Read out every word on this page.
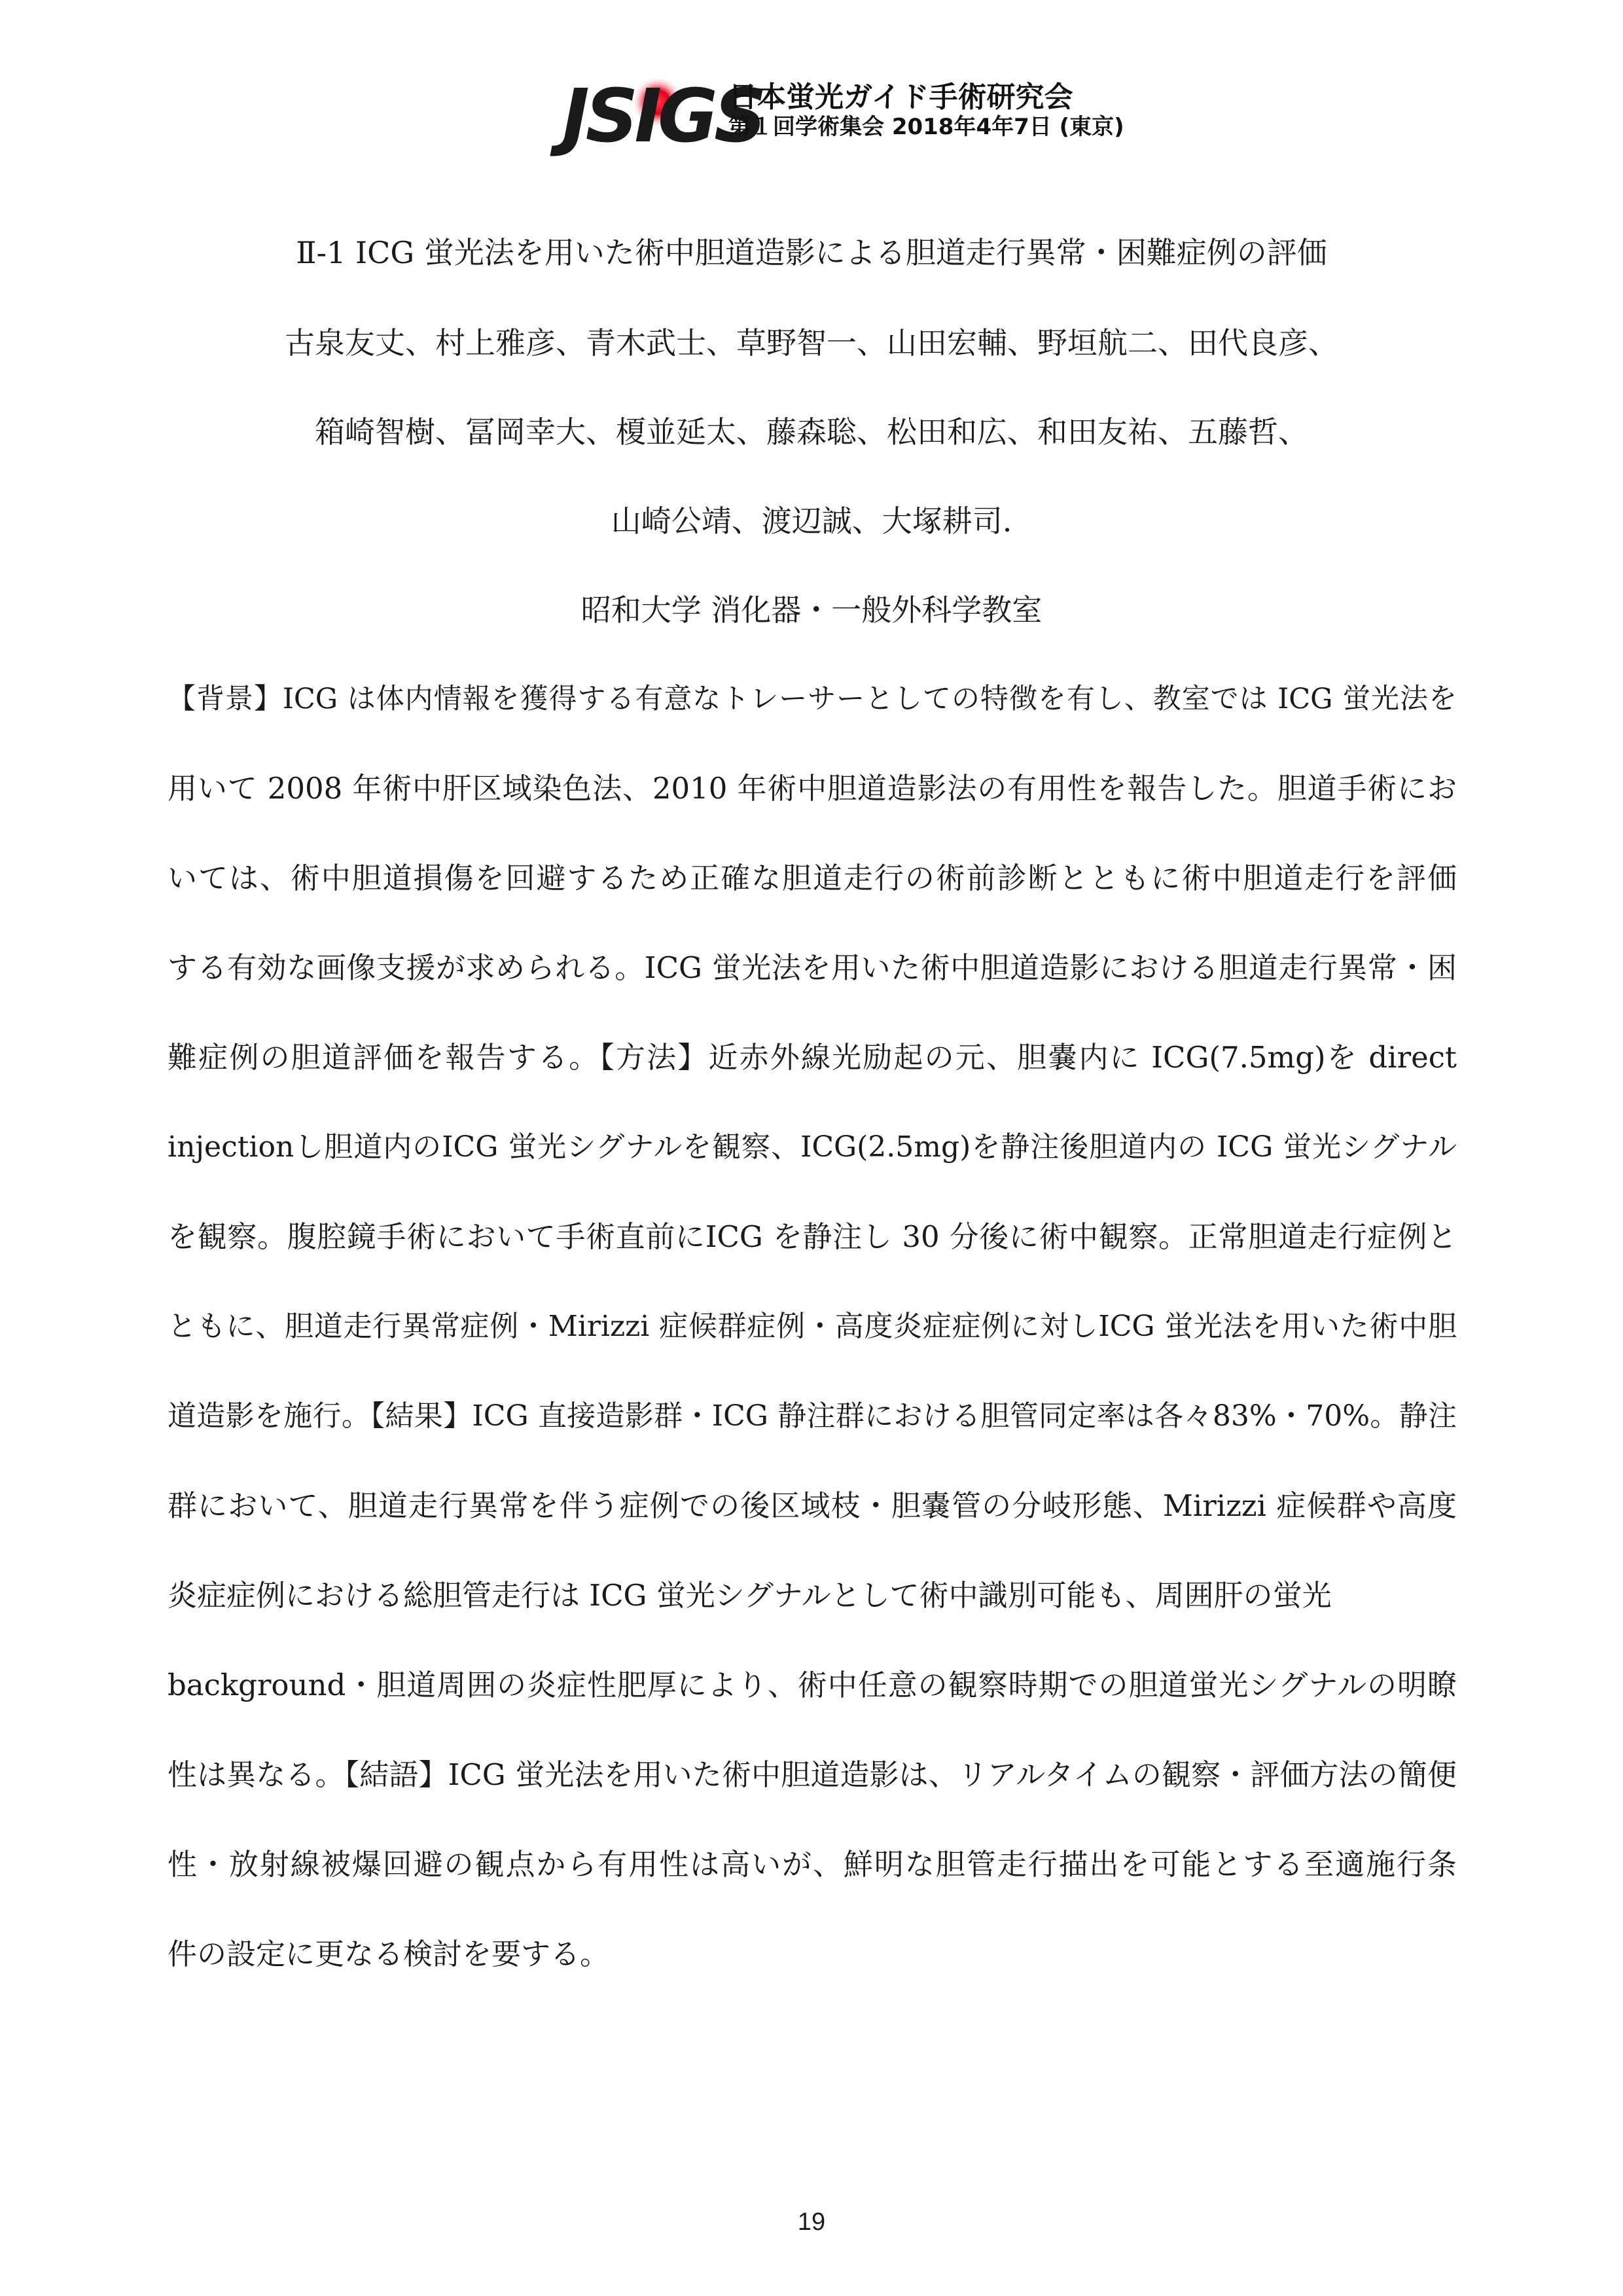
JSIGS
日本蛍光ガイド手術研究会
第１回学術集会 2018年4年7日 (東京)
Ⅱ-1 ICG 蛍光法を用いた術中胆道造影による胆道走行異常・困難症例の評価
古泉友丈、村上雅彦、青木武士、草野智一、山田宏輔、野垣航二、田代良彦、
箱崎智樹、冨岡幸大、榎並延太、藤森聡、松田和広、和田友祐、五藤哲、
山崎公靖、渡辺誠、大塚耕司.
昭和大学 消化器・一般外科学教室
【背景】ICG は体内情報を獲得する有意なトレーサーとしての特徴を有し、教室では ICG 蛍光法を
用いて 2008 年術中肝区域染色法、2010 年術中胆道造影法の有用性を報告した。胆道手術にお
いては、術中胆道損傷を回避するため正確な胆道走行の術前診断とともに術中胆道走行を評価
する有効な画像支援が求められる。ICG 蛍光法を用いた術中胆道造影における胆道走行異常・困
難症例の胆道評価を報告する。【方法】近赤外線光励起の元、胆嚢内に ICG(7.5mg)を direct
injectionし胆道内のICG 蛍光シグナルを観察、ICG(2.5mg)を静注後胆道内の ICG 蛍光シグナル
を観察。腹腔鏡手術において手術直前にICG を静注し 30 分後に術中観察。正常胆道走行症例と
ともに、胆道走行異常症例・Mirizzi 症候群症例・高度炎症症例に対しICG 蛍光法を用いた術中胆
道造影を施行。【結果】ICG 直接造影群・ICG 静注群における胆管同定率は各々83%・70%。静注
群において、胆道走行異常を伴う症例での後区域枝・胆嚢管の分岐形態、Mirizzi 症候群や高度
炎症症例における総胆管走行は ICG 蛍光シグナルとして術中識別可能も、周囲肝の蛍光
background・胆道周囲の炎症性肥厚により、術中任意の観察時期での胆道蛍光シグナルの明瞭
性は異なる。【結語】ICG 蛍光法を用いた術中胆道造影は、リアルタイムの観察・評価方法の簡便
性・放射線被爆回避の観点から有用性は高いが、鮮明な胆管走行描出を可能とする至適施行条
件の設定に更なる検討を要する。
19
